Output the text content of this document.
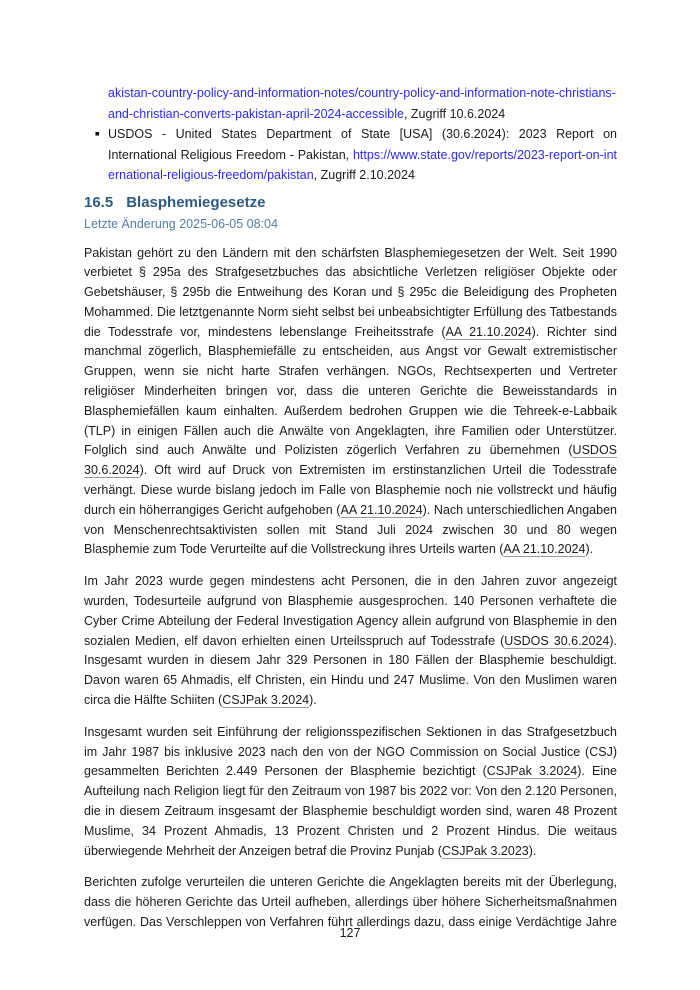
akistan-country-policy-and-information-notes/country-policy-and-information-note-christians-and-christian-converts-pakistan-april-2024-accessible, Zugriff 10.6.2024
■ USDOS - United States Department of State [USA] (30.6.2024): 2023 Report on International Religious Freedom - Pakistan, https://www.state.gov/reports/2023-report-on-international-religious-freedom/pakistan, Zugriff 2.10.2024
16.5 Blasphemiegesetze
Letzte Änderung 2025-06-05 08:04

Pakistan gehört zu den Ländern mit den schärfsten Blasphemiegesetzen der Welt. Seit 1990 verbietet § 295a des Strafgesetzbuches das absichtliche Verletzen religiöser Objekte oder Gebetshäuser, § 295b die Entweihung des Koran und § 295c die Beleidigung des Propheten Mohammed. Die letztgenannte Norm sieht selbst bei unbeabsichtigter Erfüllung des Tatbestands die Todesstrafe vor, mindestens lebenslange Freiheitsstrafe (AA 21.10.2024). Richter sind manchmal zögerlich, Blasphemiefälle zu entscheiden, aus Angst vor Gewalt extremistischer Gruppen, wenn sie nicht harte Strafen verhängen. NGOs, Rechtsexperten und Vertreter religiöser Minderheiten bringen vor, dass die unteren Gerichte die Beweisstandards in Blasphemiefällen kaum einhalten. Außerdem bedrohen Gruppen wie die Tehreek-e-Labbaik (TLP) in einigen Fällen auch die Anwälte von Angeklagten, ihre Familien oder Unterstützer. Folglich sind auch Anwälte und Polizisten zögerlich Verfahren zu übernehmen (USDOS 30.6.2024). Oft wird auf Druck von Extremisten im erstinstanzlichen Urteil die Todesstrafe verhängt. Diese wurde bislang jedoch im Falle von Blasphemie noch nie vollstreckt und häufig durch ein höherrangiges Gericht aufgehoben (AA 21.10.2024). Nach unterschiedlichen Angaben von Menschenrechtsaktivisten sollen mit Stand Juli 2024 zwischen 30 und 80 wegen Blasphemie zum Tode Verurteilte auf die Vollstreckung ihres Urteils warten (AA 21.10.2024).

Im Jahr 2023 wurde gegen mindestens acht Personen, die in den Jahren zuvor angezeigt wurden, Todesurteile aufgrund von Blasphemie ausgesprochen. 140 Personen verhaftete die Cyber Crime Abteilung der Federal Investigation Agency allein aufgrund von Blasphemie in den sozialen Medien, elf davon erhielten einen Urteilsspruch auf Todesstrafe (USDOS 30.6.2024). Insgesamt wurden in diesem Jahr 329 Personen in 180 Fällen der Blasphemie beschuldigt. Davon waren 65 Ahmadis, elf Christen, ein Hindu und 247 Muslime. Von den Muslimen waren circa die Hälfte Schiiten (CSJPak 3.2024).

Insgesamt wurden seit Einführung der religionsspezifischen Sektionen in das Strafgesetzbuch im Jahr 1987 bis inklusive 2023 nach den von der NGO Commission on Social Justice (CSJ) gesammelten Berichten 2.449 Personen der Blasphemie bezichtigt (CSJPak 3.2024). Eine Aufteilung nach Religion liegt für den Zeitraum von 1987 bis 2022 vor: Von den 2.120 Personen, die in diesem Zeitraum insgesamt der Blasphemie beschuldigt worden sind, waren 48 Prozent Muslime, 34 Prozent Ahmadis, 13 Prozent Christen und 2 Prozent Hindus. Die weitaus überwiegende Mehrheit der Anzeigen betraf die Provinz Punjab (CSJPak 3.2023).

Berichten zufolge verurteilen die unteren Gerichte die Angeklagten bereits mit der Überlegung, dass die höheren Gerichte das Urteil aufheben, allerdings über höhere Sicherheitsmaßnahmen verfügen. Das Verschleppen von Verfahren führt allerdings dazu, dass einige Verdächtige Jahre

127
